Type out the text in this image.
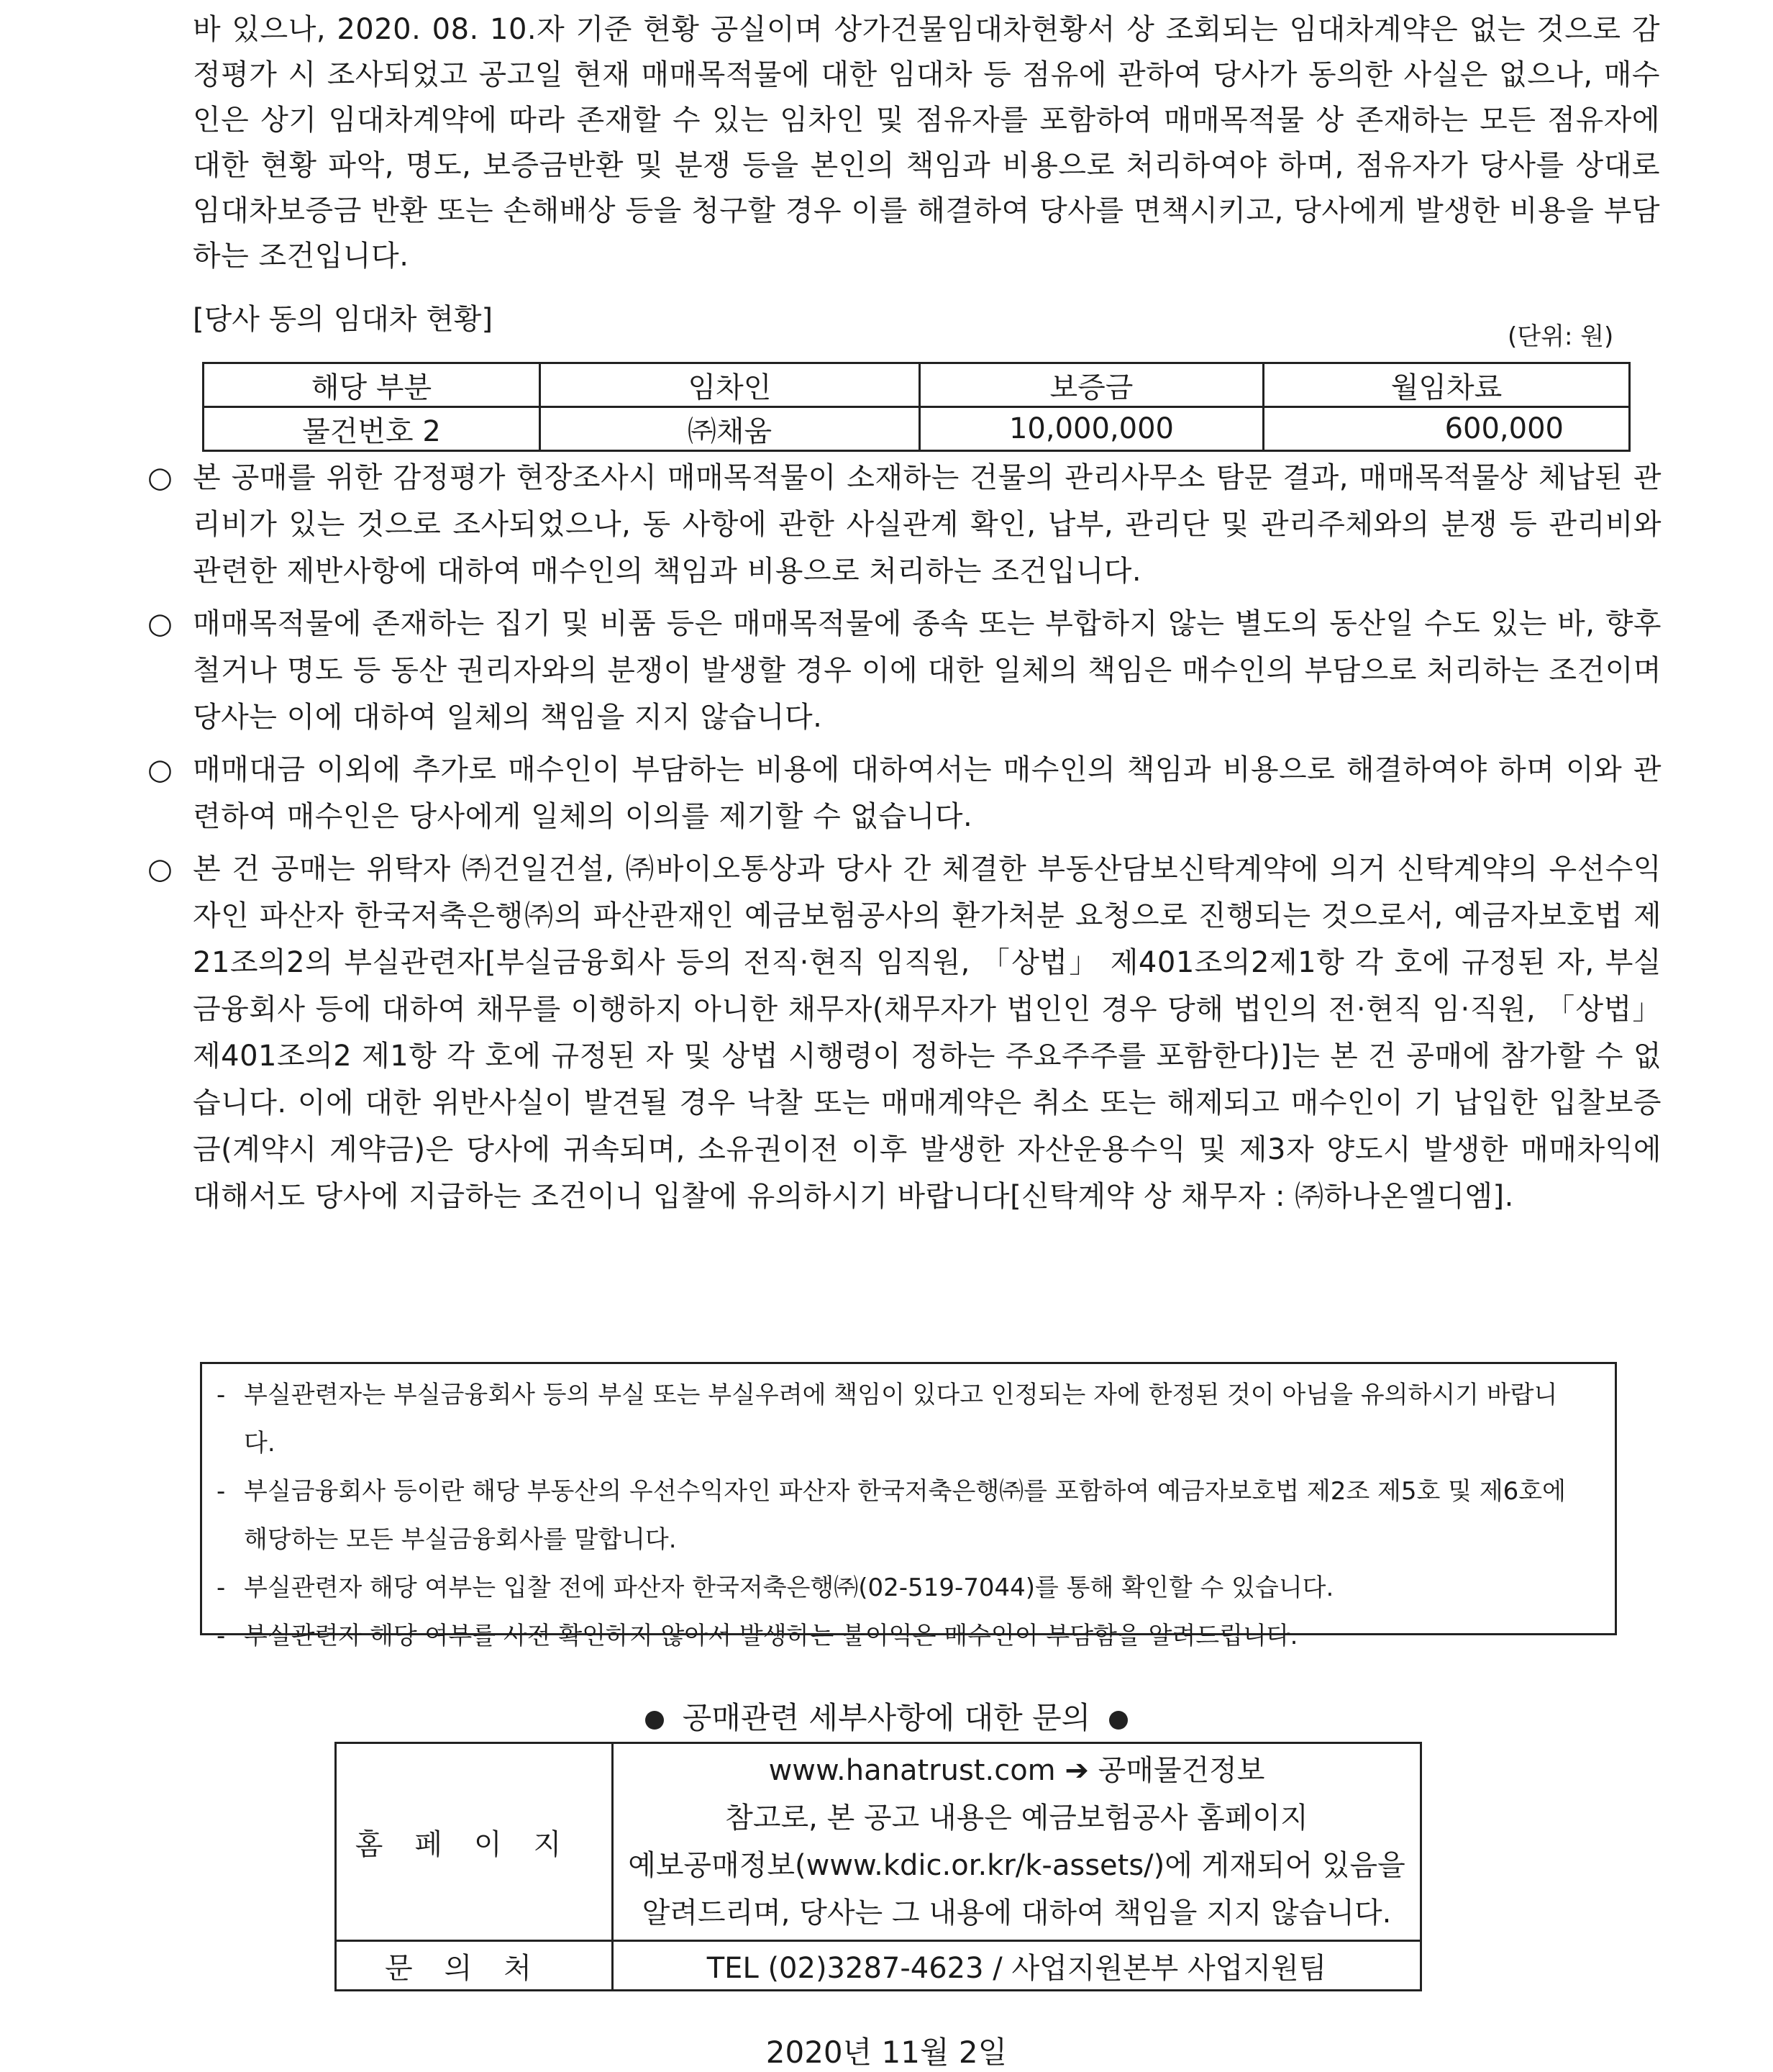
바 있으나, 2020. 08. 10.자 기준 현황 공실이며 상가건물임대차현황서 상 조회되는 임대차계약은 없는 것으로 감정평가 시 조사되었고 공고일 현재 매매목적물에 대한 임대차 등 점유에 관하여 당사가 동의한 사실은 없으나, 매수인은 상기 임대차계약에 따라 존재할 수 있는 임차인 및 점유자를 포함하여 매매목적물 상 존재하는 모든 점유자에 대한 현황 파악, 명도, 보증금반환 및 분쟁 등을 본인의 책임과 비용으로 처리하여야 하며, 점유자가 당사를 상대로 임대차보증금 반환 또는 손해배상 등을 청구할 경우 이를 해결하여 당사를 면책시키고, 당사에게 발생한 비용을 부담하는 조건입니다.
[당사 동의 임대차 현황]
(단위: 원)
해당 부분	임차인	보증금	월임차료
물건번호 2	㈜채움	10,000,000	600,000
○ 본 공매를 위한 감정평가 현장조사시 매매목적물이 소재하는 건물의 관리사무소 탐문 결과, 매매목적물상 체납된 관리비가 있는 것으로 조사되었으나, 동 사항에 관한 사실관계 확인, 납부, 관리단 및 관리주체와의 분쟁 등 관리비와 관련한 제반사항에 대하여 매수인의 책임과 비용으로 처리하는 조건입니다.
○ 매매목적물에 존재하는 집기 및 비품 등은 매매목적물에 종속 또는 부합하지 않는 별도의 동산일 수도 있는 바, 향후 철거나 명도 등 동산 권리자와의 분쟁이 발생할 경우 이에 대한 일체의 책임은 매수인의 부담으로 처리하는 조건이며 당사는 이에 대하여 일체의 책임을 지지 않습니다.
○ 매매대금 이외에 추가로 매수인이 부담하는 비용에 대하여서는 매수인의 책임과 비용으로 해결하여야 하며 이와 관련하여 매수인은 당사에게 일체의 이의를 제기할 수 없습니다.
○ 본 건 공매는 위탁자 ㈜건일건설, ㈜바이오통상과 당사 간 체결한 부동산담보신탁계약에 의거 신탁계약의 우선수익자인 파산자 한국저축은행㈜의 파산관재인 예금보험공사의 환가처분 요청으로 진행되는 것으로서, 예금자보호법 제21조의2의 부실관련자[부실금융회사 등의 전직·현직 임직원, 「상법」 제401조의2제1항 각 호에 규정된 자, 부실금융회사 등에 대하여 채무를 이행하지 아니한 채무자(채무자가 법인인 경우 당해 법인의 전·현직 임·직원, 「상법」제401조의2 제1항 각 호에 규정된 자 및 상법 시행령이 정하는 주요주주를 포함한다)]는 본 건 공매에 참가할 수 없습니다. 이에 대한 위반사실이 발견될 경우 낙찰 또는 매매계약은 취소 또는 해제되고 매수인이 기 납입한 입찰보증금(계약시 계약금)은 당사에 귀속되며, 소유권이전 이후 발생한 자산운용수익 및 제3자 양도시 발생한 매매차익에 대해서도 당사에 지급하는 조건이니 입찰에 유의하시기 바랍니다[신탁계약 상 채무자 : ㈜하나온엘디엠].
- 부실관련자는 부실금융회사 등의 부실 또는 부실우려에 책임이 있다고 인정되는 자에 한정된 것이 아님을 유의하시기 바랍니다.
- 부실금융회사 등이란 해당 부동산의 우선수익자인 파산자 한국저축은행㈜를 포함하여 예금자보호법 제2조 제5호 및 제6호에 해당하는 모든 부실금융회사를 말합니다.
- 부실관련자 해당 여부는 입찰 전에 파산자 한국저축은행㈜(02-519-7044)를 통해 확인할 수 있습니다.
- 부실관련자 해당 여부를 사전 확인하지 않아서 발생하는 불이익은 매수인이 부담함을 알려드립니다.
공매관련 세부사항에 대한 문의
홈페이지	www.hanatrust.com ➔ 공매물건정보
참고로, 본 공고 내용은 예금보험공사 홈페이지
예보공매정보(www.kdic.or.kr/k-assets/)에 게재되어 있음을
알려드리며, 당사는 그 내용에 대하여 책임을 지지 않습니다.

문의처	TEL (02)3287-4623 / 사업지원본부 사업지원팀
2020년 11월 2일
